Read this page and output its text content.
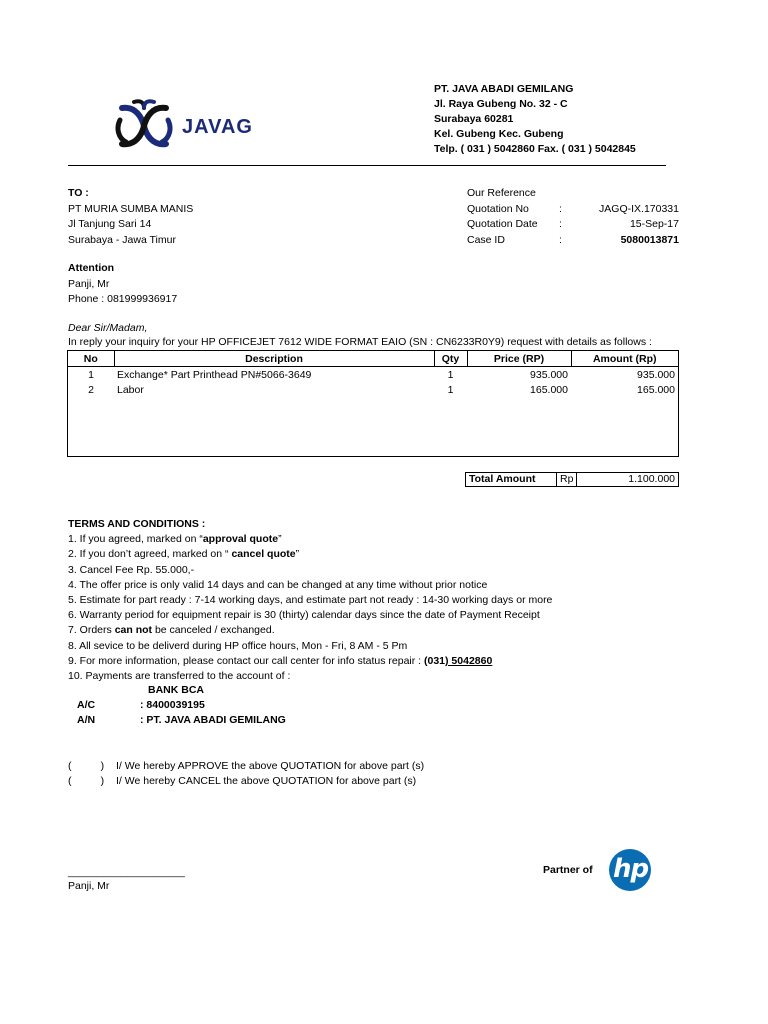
JAVAG
PT. JAVA ABADI GEMILANG
Jl. Raya Gubeng No. 32 - C
Surabaya 60281
Kel. Gubeng Kec. Gubeng
Telp. ( 031 ) 5042860 Fax. ( 031 ) 5042845
TO :
PT MURIA SUMBA MANIS
Jl Tanjung Sari 14
Surabaya - Jawa Timur
Our Reference
Quotation No	:	JAGQ-IX.170331
Quotation Date	:	15-Sep-17
Case ID	:	5080013871
Attention
Panji, Mr
Phone : 081999936917
Dear Sir/Madam,
In reply your inquiry for your HP OFFICEJET 7612 WIDE FORMAT EAIO (SN : CN6233R0Y9) request with details as follows :
No	Description	Qty	Price (RP)	Amount (Rp)
1	Exchange* Part Printhead PN#5066-3649	1	935.000	935.000
2	Labor	1	165.000	165.000
Total Amount	Rp	1.100.000
TERMS AND CONDITIONS :
1. If you agreed, marked on “approval quote”
2. If you don’t agreed, marked on “ cancel quote”
3. Cancel Fee Rp. 55.000,-
4. The offer price is only valid 14 days and can be changed at any time without prior notice
5. Estimate for part ready : 7-14 working days, and estimate part not ready : 14-30 working days or more
6. Warranty period for equipment repair is 30 (thirty) calendar days since the date of Payment Receipt
7. Orders can not be canceled / exchanged.
8. All sevice to be deliverd during HP office hours, Mon - Fri, 8 AM - 5 Pm
9. For more information, please contact our call center for info status repair : (031) 5042860
10. Payments are transferred to the account of :
BANK BCA
A/C	: 8400039195
A/N	: PT. JAVA ABADI GEMILANG
(          ) I/ We hereby APPROVE the above QUOTATION for above part (s)
(          ) I/ We hereby CANCEL the above QUOTATION for above part (s)
____________________
Panji, Mr
Partner of hp
